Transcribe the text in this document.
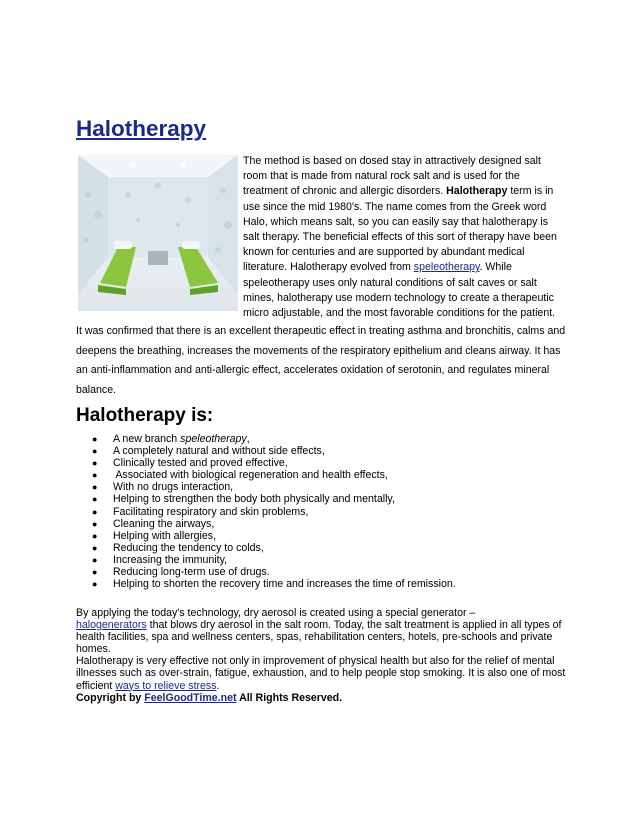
Halotherapy

The method is based on dosed stay in attractively designed salt room that is made from natural rock salt and is used for the treatment of chronic and allergic disorders. Halotherapy term is in use since the mid 1980's. The name comes from the Greek word Halo, which means salt, so you can easily say that halotherapy is salt therapy. The beneficial effects of this sort of therapy have been known for centuries and are supported by abundant medical literature. Halotherapy evolved from speleotherapy. While speleotherapy uses only natural conditions of salt caves or salt mines, halotherapy use modern technology to create a therapeutic micro adjustable, and the most favorable conditions for the patient.

It was confirmed that there is an excellent therapeutic effect in treating asthma and bronchitis, calms and deepens the breathing, increases the movements of the respiratory epithelium and cleans airway. It has an anti-inflammation and anti-allergic effect, accelerates oxidation of serotonin, and regulates mineral balance.

Halotherapy is:
● A new branch speleotherapy,
● A completely natural and without side effects,
● Clinically tested and proved effective,
● Associated with biological regeneration and health effects,
● With no drugs interaction,
● Helping to strengthen the body both physically and mentally,
● Facilitating respiratory and skin problems,
● Cleaning the airways,
● Helping with allergies,
● Reducing the tendency to colds,
● Increasing the immunity,
● Reducing long-term use of drugs.
● Helping to shorten the recovery time and increases the time of remission.
By applying the today's technology, dry aerosol is created using a special generator –
halogenerators that blows dry aerosol in the salt room. Today, the salt treatment is applied in all types of health facilities, spa and wellness centers, spas, rehabilitation centers, hotels, pre-schools and private homes.
Halotherapy is very effective not only in improvement of physical health but also for the relief of mental illnesses such as over-strain, fatigue, exhaustion, and to help people stop smoking. It is also one of most efficient ways to relieve stress.
Copyright by FeelGoodTime.net All Rights Reserved.
